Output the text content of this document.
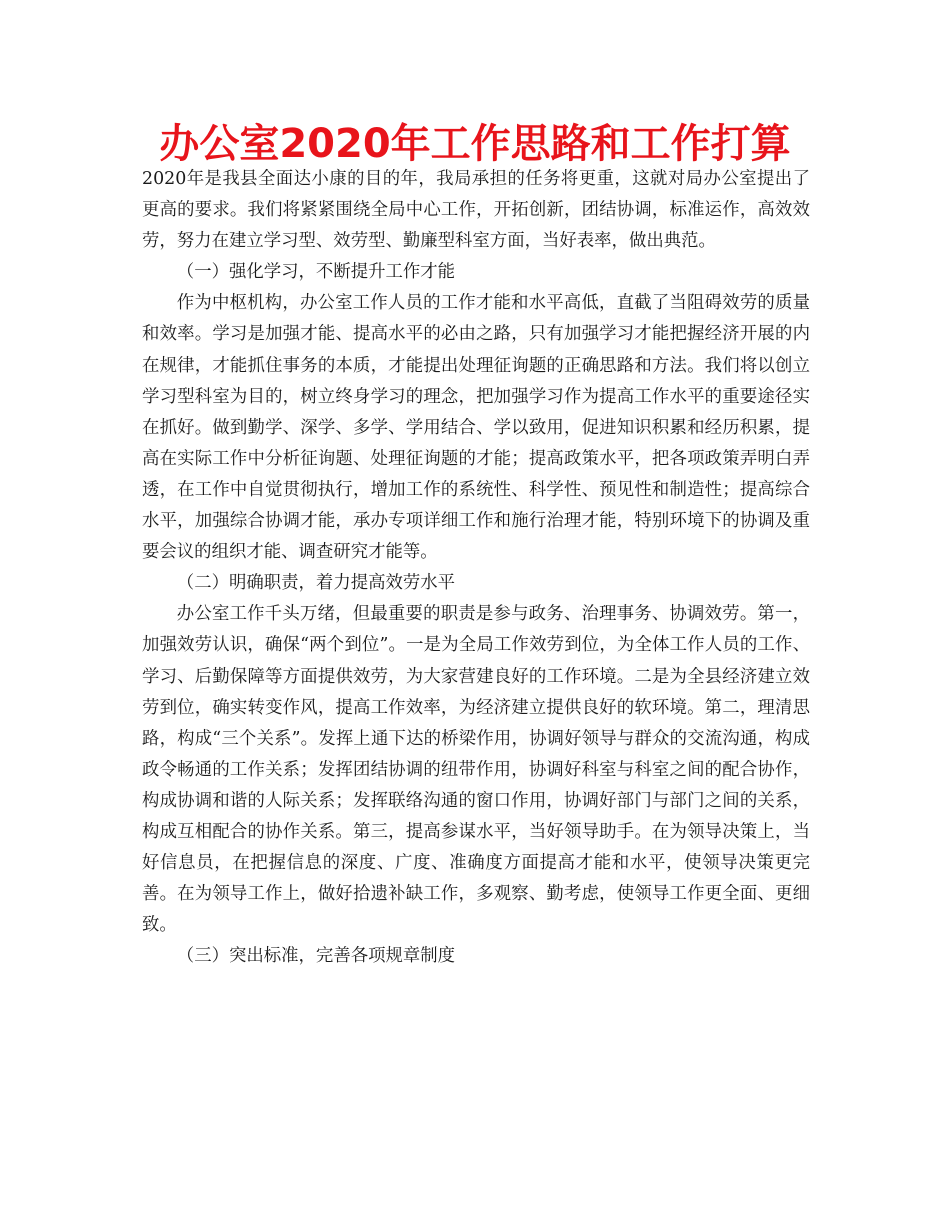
办公室2020年工作思路和工作打算

2020年是我县全面达小康的目的年，我局承担的任务将更重，这就对局办公室提出了更高的要求。我们将紧紧围绕全局中心工作，开拓创新，团结协调，标准运作，高效效劳，努力在建立学习型、效劳型、勤廉型科室方面，当好表率，做出典范。

（一）强化学习，不断提升工作才能

作为中枢机构，办公室工作人员的工作才能和水平高低，直截了当阻碍效劳的质量和效率。学习是加强才能、提高水平的必由之路，只有加强学习才能把握经济开展的内在规律，才能抓住事务的本质，才能提出处理征询题的正确思路和方法。我们将以创立学习型科室为目的，树立终身学习的理念，把加强学习作为提高工作水平的重要途径实在抓好。做到勤学、深学、多学、学用结合、学以致用，促进知识积累和经历积累，提高在实际工作中分析征询题、处理征询题的才能；提高政策水平，把各项政策弄明白弄透，在工作中自觉贯彻执行，增加工作的系统性、科学性、预见性和制造性；提高综合水平，加强综合协调才能，承办专项详细工作和施行治理才能，特别环境下的协调及重要会议的组织才能、调查研究才能等。

（二）明确职责，着力提高效劳水平

办公室工作千头万绪，但最重要的职责是参与政务、治理事务、协调效劳。第一，加强效劳认识，确保“两个到位”。一是为全局工作效劳到位，为全体工作人员的工作、学习、后勤保障等方面提供效劳，为大家营建良好的工作环境。二是为全县经济建立效劳到位，确实转变作风，提高工作效率，为经济建立提供良好的软环境。第二，理清思路，构成“三个关系”。发挥上通下达的桥梁作用，协调好领导与群众的交流沟通，构成政令畅通的工作关系；发挥团结协调的纽带作用，协调好科室与科室之间的配合协作，构成协调和谐的人际关系；发挥联络沟通的窗口作用，协调好部门与部门之间的关系，构成互相配合的协作关系。第三，提高参谋水平，当好领导助手。在为领导决策上，当好信息员，在把握信息的深度、广度、准确度方面提高才能和水平，使领导决策更完善。在为领导工作上，做好拾遗补缺工作，多观察、勤考虑，使领导工作更全面、更细致。

（三）突出标准，完善各项规章制度
